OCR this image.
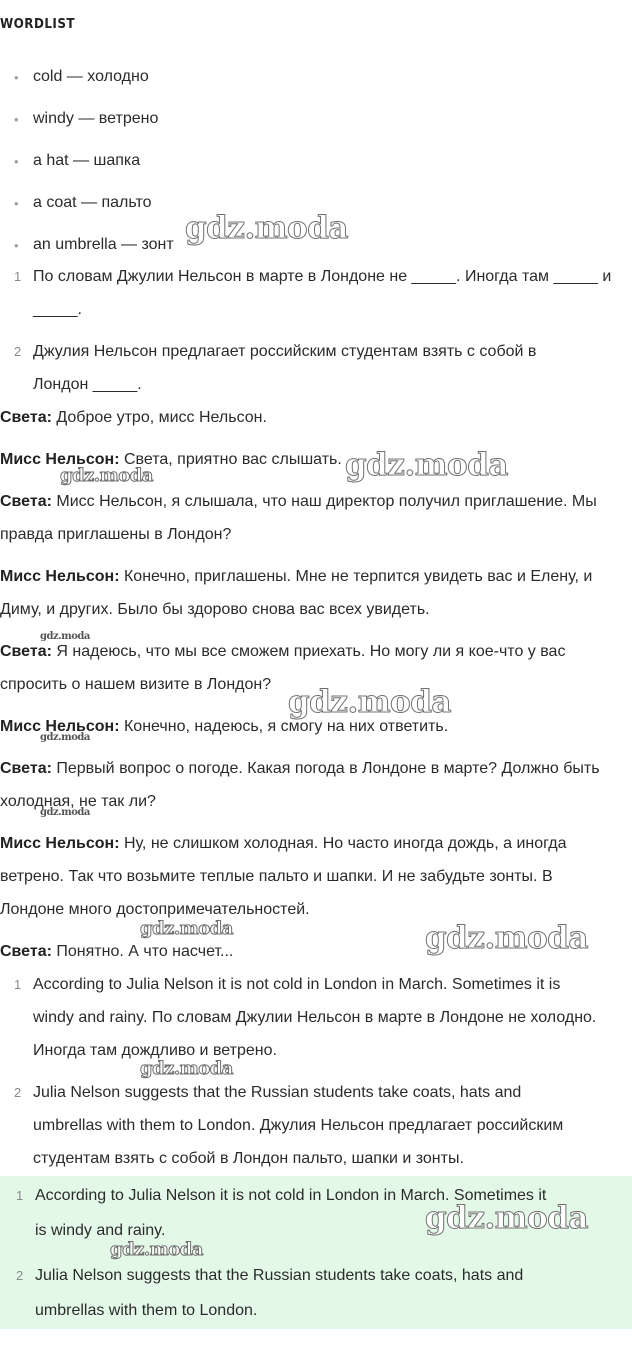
WORDLIST
• cold — холодно
• windy — ветрено
• a hat — шапка
• a coat — пальто
• an umbrella — зонт
1 По словам Джулии Нельсон в марте в Лондоне не _____. Иногда там _____ и
_____.
2 Джулия Нельсон предлагает российским студентам взять с собой в
Лондон _____.
Света: Доброе утро, мисс Нельсон.
Мисс Нельсон: Света, приятно вас слышать.
Света: Мисс Нельсон, я слышала, что наш директор получил приглашение. Мы
правда приглашены в Лондон?
Мисс Нельсон: Конечно, приглашены. Мне не терпится увидеть вас и Елену, и
Диму, и других. Было бы здорово снова вас всех увидеть.
Света: Я надеюсь, что мы все сможем приехать. Но могу ли я кое-что у вас
спросить о нашем визите в Лондон?
Мисс Нельсон: Конечно, надеюсь, я смогу на них ответить.
Света: Первый вопрос о погоде. Какая погода в Лондоне в марте? Должно быть
холодная, не так ли?
Мисс Нельсон: Ну, не слишком холодная. Но часто иногда дождь, а иногда
ветрено. Так что возьмите теплые пальто и шапки. И не забудьте зонты. В
Лондоне много достопримечательностей.
Света: Понятно. А что насчет...
1 According to Julia Nelson it is not cold in London in March. Sometimes it is
windy and rainy. По словам Джулии Нельсон в марте в Лондоне не холодно.
Иногда там дождливо и ветрено.
2 Julia Nelson suggests that the Russian students take coats, hats and
umbrellas with them to London. Джулия Нельсон предлагает российским
студентам взять с собой в Лондон пальто, шапки и зонты.
1 According to Julia Nelson it is not cold in London in March. Sometimes it
is windy and rainy.
2 Julia Nelson suggests that the Russian students take coats, hats and
umbrellas with them to London.
gdz.moda
gdz.moda
gdz.moda
gdz.moda
gdz.moda
gdz.moda
gdz.moda
gdz.moda	gdz.moda
gdz.moda
gdz.moda
gdz.moda
